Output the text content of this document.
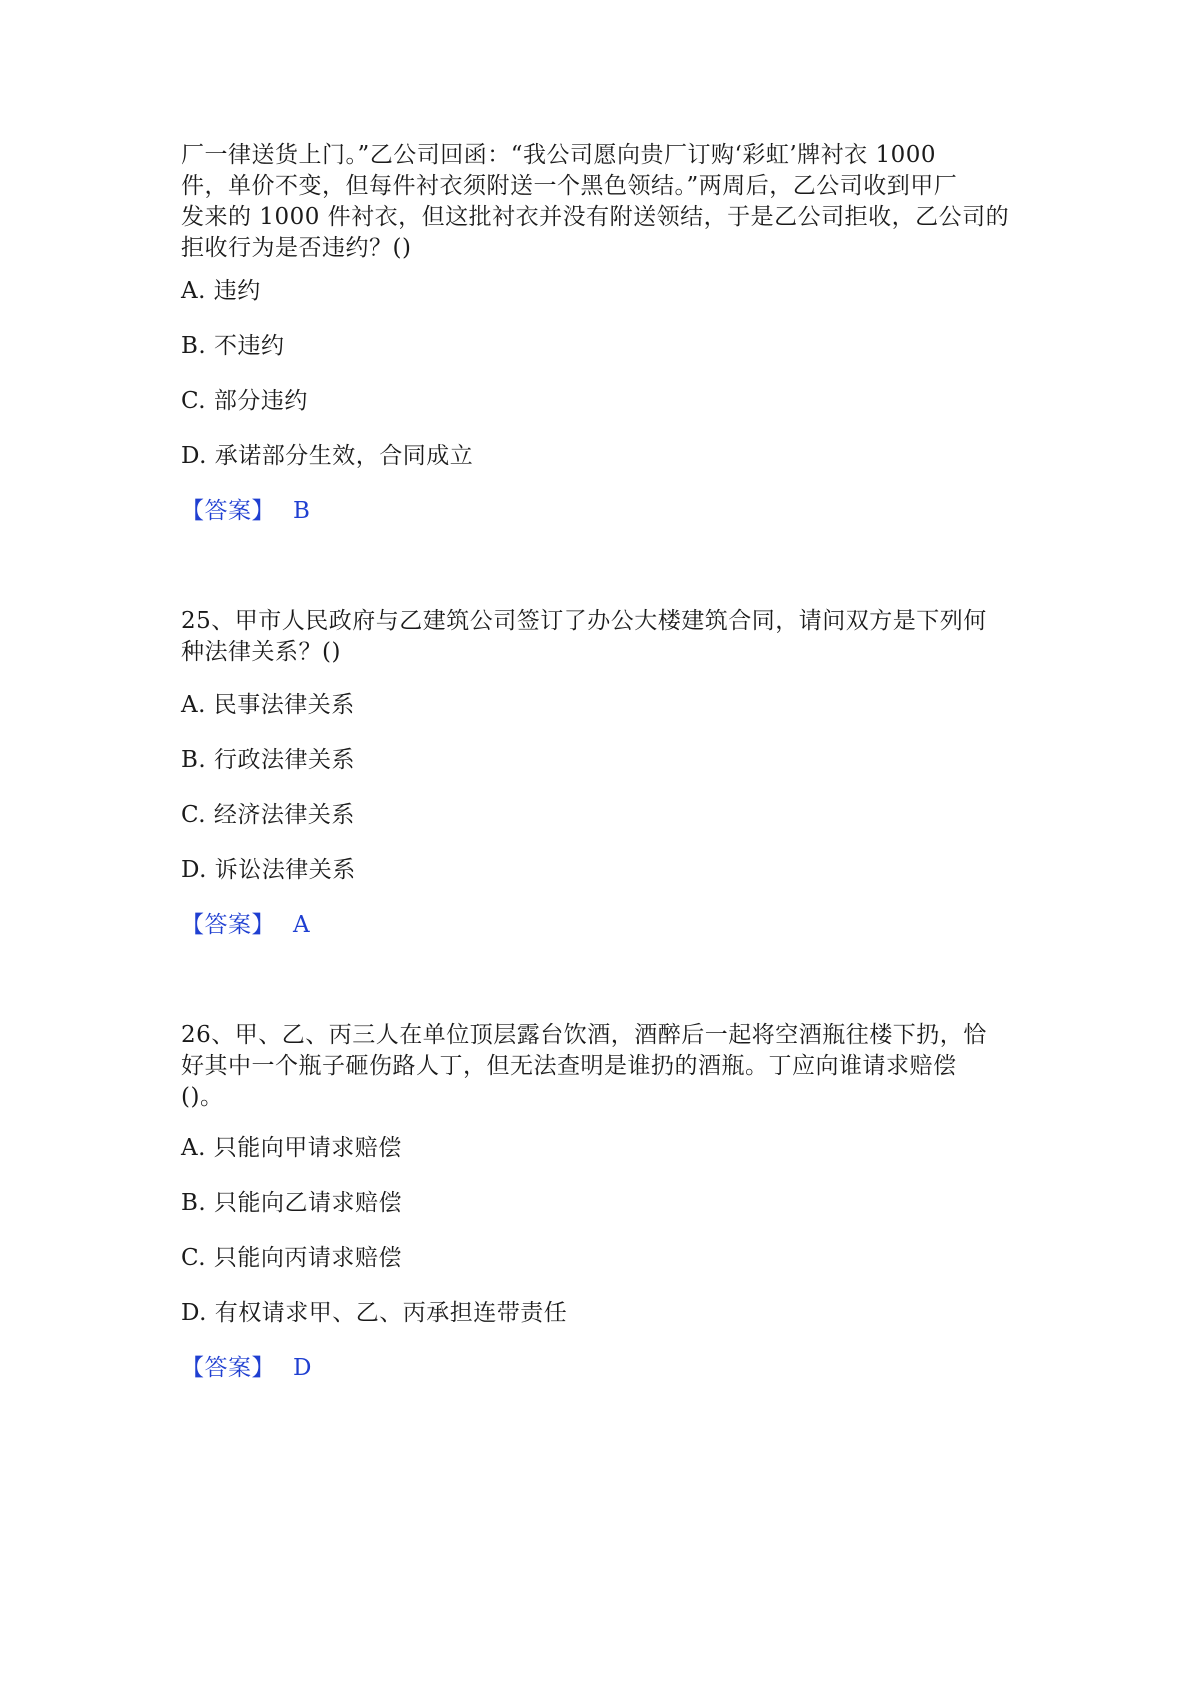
厂一律送货上门。”乙公司回函：“我公司愿向贵厂订购‘彩虹’牌衬衣 1000

件，单价不变，但每件衬衣须附送一个黑色领结。”两周后，乙公司收到甲厂

发来的 1000 件衬衣，但这批衬衣并没有附送领结，于是乙公司拒收，乙公司的

拒收行为是否违约？()

A. 违约

B. 不违约

C. 部分违约

D. 承诺部分生效，合同成立

【答案】 B

25、甲市人民政府与乙建筑公司签订了办公大楼建筑合同，请问双方是下列何

种法律关系？()

A. 民事法律关系

B. 行政法律关系

C. 经济法律关系

D. 诉讼法律关系

【答案】 A

26、甲、乙、丙三人在单位顶层露台饮酒，酒醉后一起将空酒瓶往楼下扔，恰

好其中一个瓶子砸伤路人丁，但无法查明是谁扔的酒瓶。丁应向谁请求赔偿

()。

A. 只能向甲请求赔偿

B. 只能向乙请求赔偿

C. 只能向丙请求赔偿

D. 有权请求甲、乙、丙承担连带责任

【答案】 D
